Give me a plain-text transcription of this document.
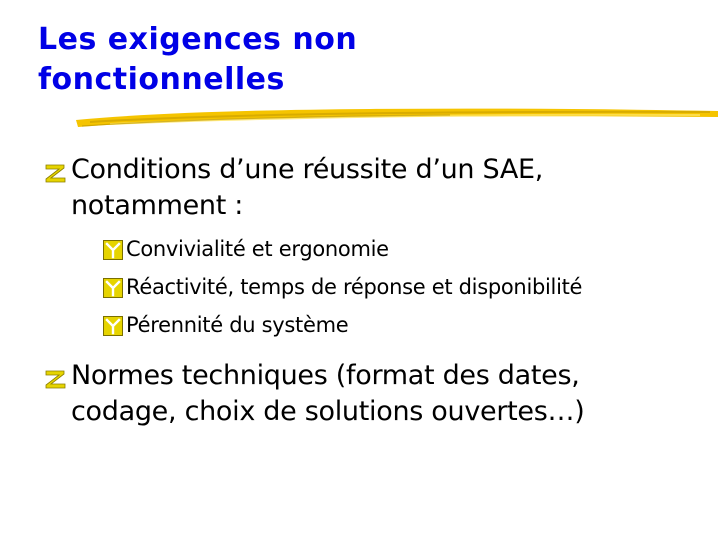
Les exigences non
fonctionnelles
Conditions d’une réussite d’un SAE,
notamment :
Convivialité et ergonomie
Réactivité, temps de réponse et disponibilité
Pérennité du système
Normes techniques (format des dates,
codage, choix de solutions ouvertes…)
